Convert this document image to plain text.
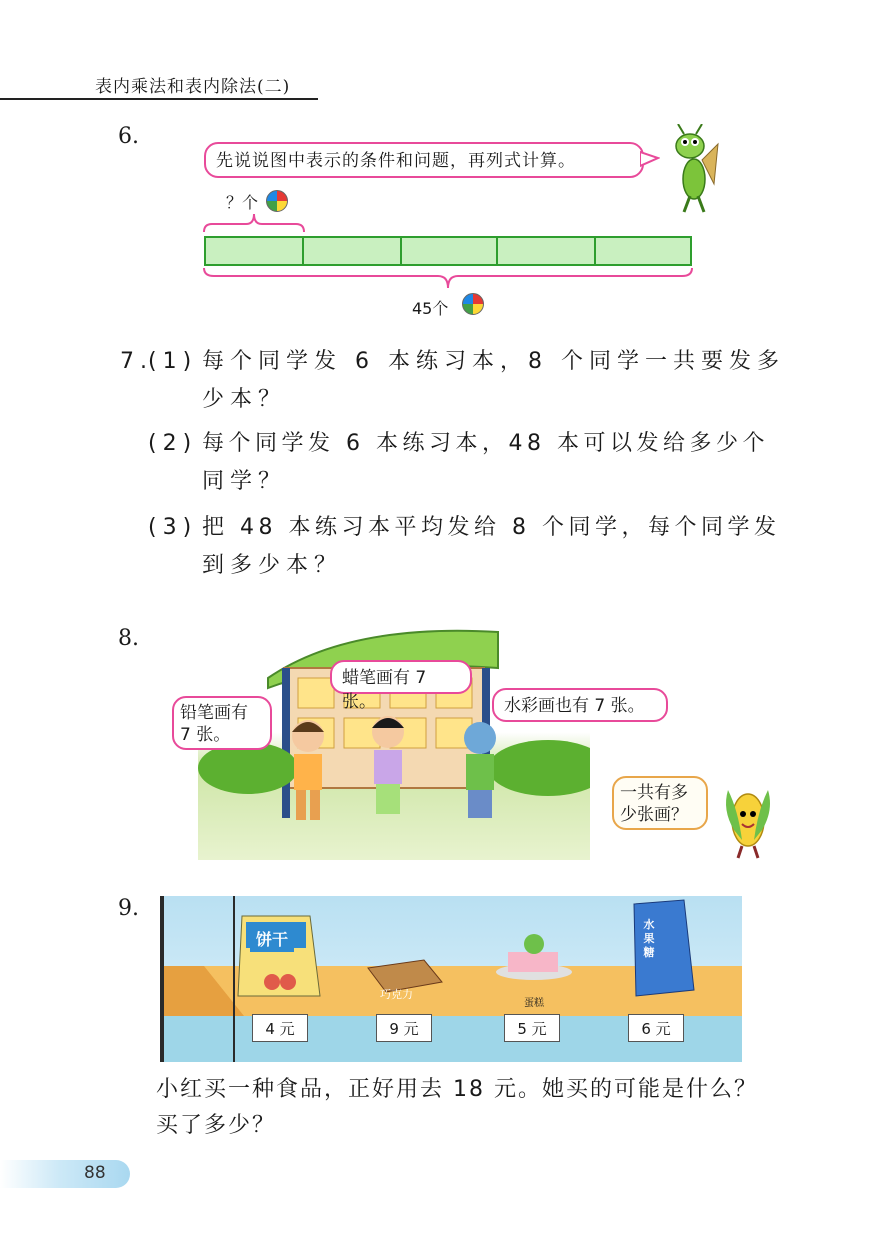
表内乘法和表内除法(二)
6.
先说说图中表示的条件和问题，再列式计算。
？个
45个
7.
(1) 每个同学发 6 本练习本，8 个同学一共要发多
少本？
(2) 每个同学发 6 本练习本，48 本可以发给多少个
同学？
(3) 把 48 本练习本平均发给 8 个同学，每个同学发
到多少本？
8.
蜡笔画有 7 张。
铅笔画有
7 张。
水彩画也有 7 张。
一共有多
少张画？
9.
饼干
巧克力
蛋糕
水
果
糖
4 元	9 元	5 元	6 元
小红买一种食品，正好用去 18 元。她买的可能是什么？
买了多少？
88
